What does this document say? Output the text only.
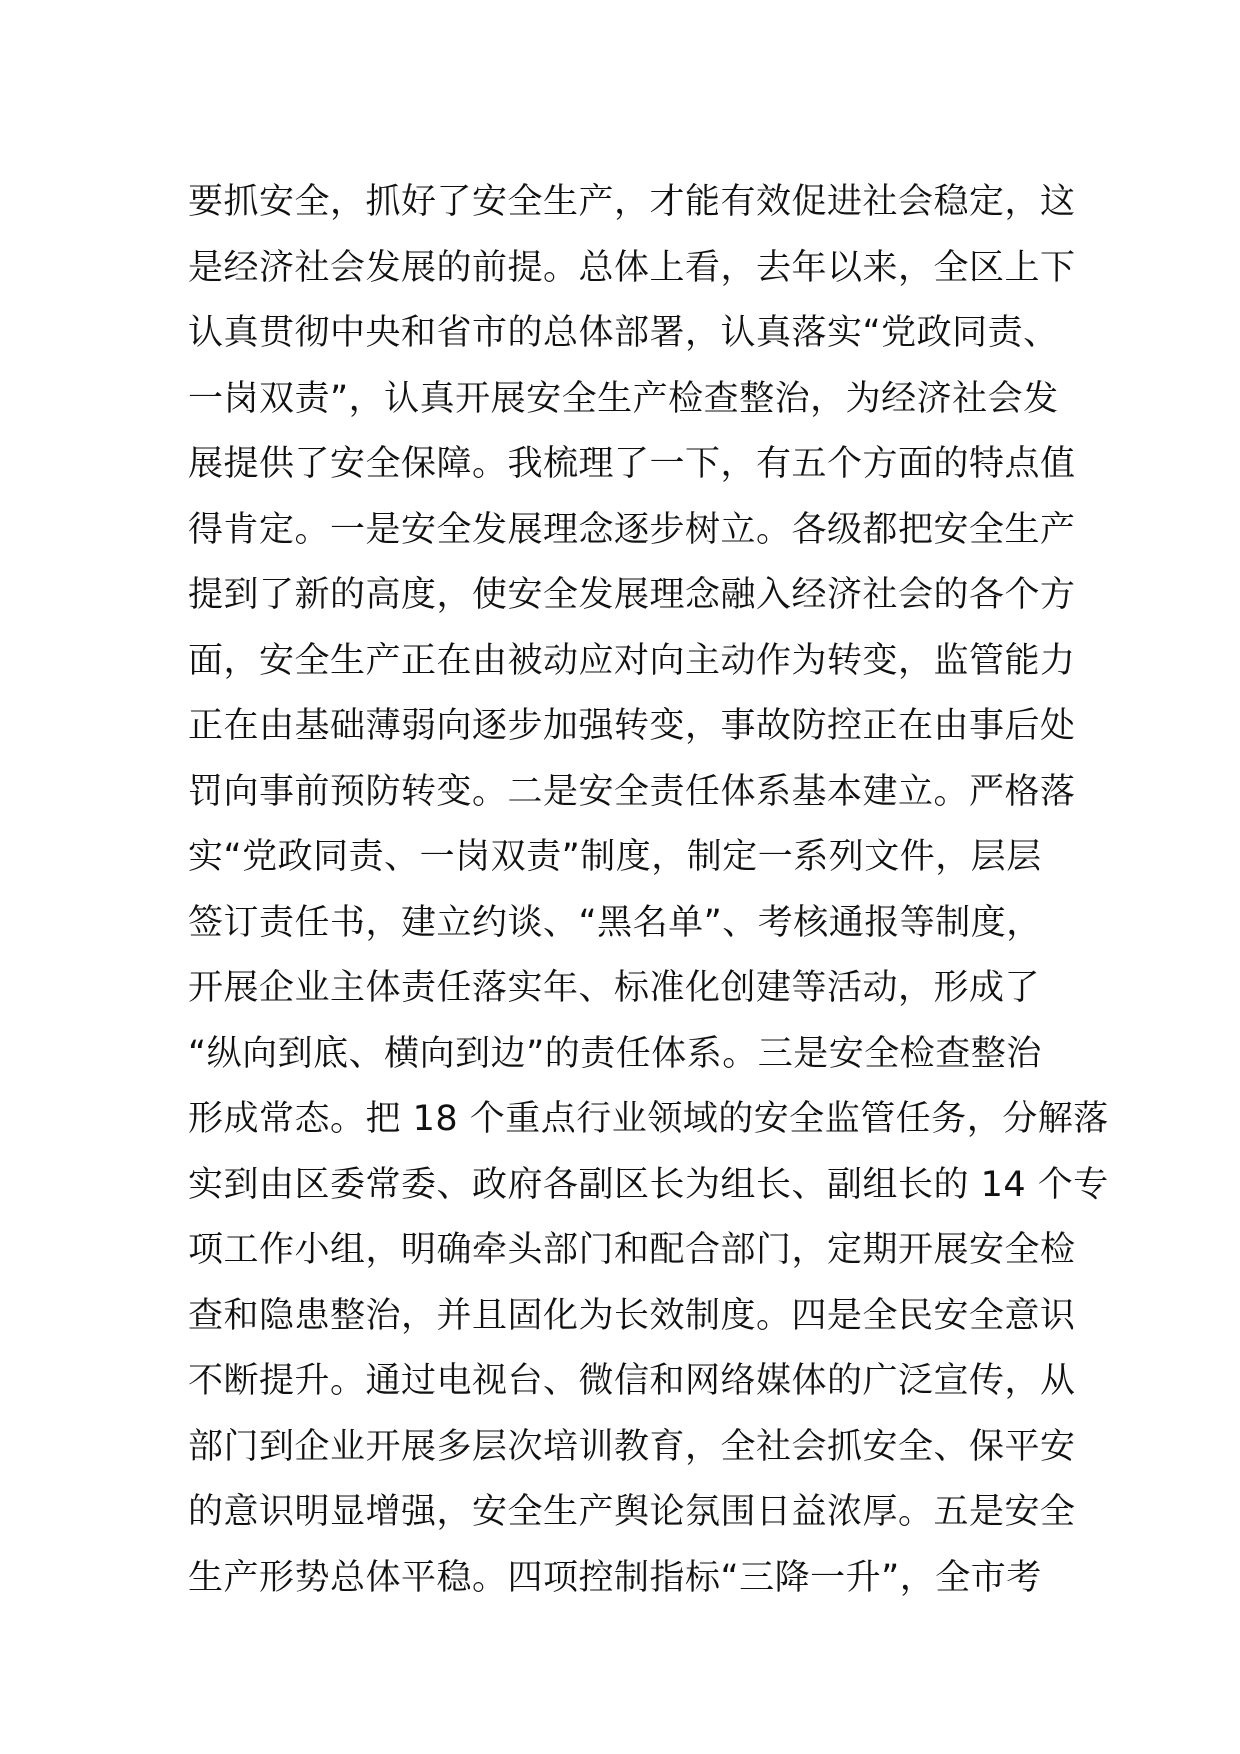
要抓安全，抓好了安全生产，才能有效促进社会稳定，这
是经济社会发展的前提。总体上看，去年以来，全区上下
认真贯彻中央和省市的总体部署，认真落实“党政同责、
一岗双责”，认真开展安全生产检查整治，为经济社会发
展提供了安全保障。我梳理了一下，有五个方面的特点值
得肯定。一是安全发展理念逐步树立。各级都把安全生产
提到了新的高度，使安全发展理念融入经济社会的各个方
面，安全生产正在由被动应对向主动作为转变，监管能力
正在由基础薄弱向逐步加强转变，事故防控正在由事后处
罚向事前预防转变。二是安全责任体系基本建立。严格落
实“党政同责、一岗双责”制度，制定一系列文件，层层
签订责任书，建立约谈、“黑名单”、考核通报等制度，
开展企业主体责任落实年、标准化创建等活动，形成了
“纵向到底、横向到边”的责任体系。三是安全检查整治
形成常态。把 18 个重点行业领域的安全监管任务，分解落
实到由区委常委、政府各副区长为组长、副组长的 14 个专
项工作小组，明确牵头部门和配合部门，定期开展安全检
查和隐患整治，并且固化为长效制度。四是全民安全意识
不断提升。通过电视台、微信和网络媒体的广泛宣传，从
部门到企业开展多层次培训教育，全社会抓安全、保平安
的意识明显增强，安全生产舆论氛围日益浓厚。五是安全
生产形势总体平稳。四项控制指标“三降一升”，全市考
